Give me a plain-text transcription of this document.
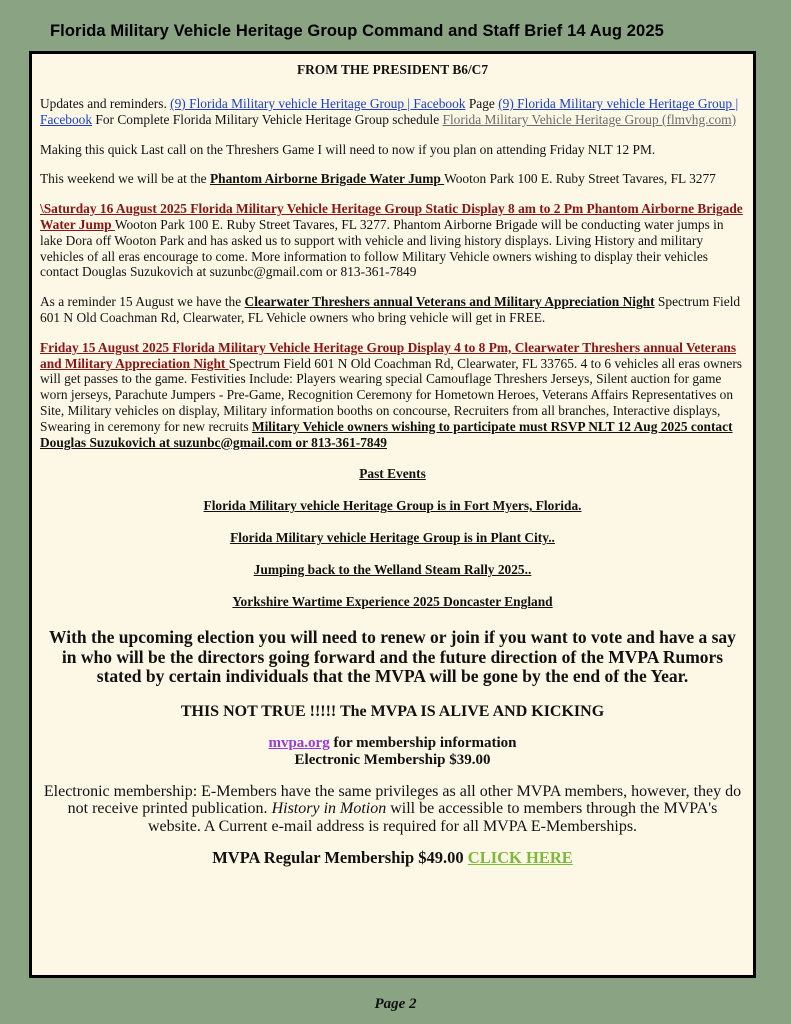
Florida Military Vehicle Heritage Group Command and Staff Brief 14 Aug 2025
FROM THE PRESIDENT B6/C7

Updates and reminders. (9) Florida Military vehicle Heritage Group | Facebook Page (9) Florida Military vehicle Heritage Group | Facebook For Complete Florida Military Vehicle Heritage Group schedule Florida Military Vehicle Heritage Group (flmvhg.com)

Making this quick Last call on the Threshers Game I will need to now if you plan on attending Friday NLT 12 PM.

This weekend we will be at the Phantom Airborne Brigade Water Jump Wooton Park 100 E. Ruby Street Tavares, FL 3277

\Saturday 16 August 2025 Florida Military Vehicle Heritage Group Static Display 8 am to 2 Pm Phantom Airborne Brigade Water Jump Wooton Park 100 E. Ruby Street Tavares, FL 3277. Phantom Airborne Brigade will be conducting water jumps in lake Dora off Wooton Park and has asked us to support with vehicle and living history displays. Living History and military vehicles of all eras encourage to come. More information to follow Military Vehicle owners wishing to display their vehicles contact Douglas Suzukovich at suzunbc@gmail.com or 813-361-7849

As a reminder 15 August we have the Clearwater Threshers annual Veterans and Military Appreciation Night Spectrum Field 601 N Old Coachman Rd, Clearwater, FL Vehicle owners who bring vehicle will get in FREE.

Friday 15 August 2025 Florida Military Vehicle Heritage Group Display 4 to 8 Pm, Clearwater Threshers annual Veterans and Military Appreciation Night Spectrum Field 601 N Old Coachman Rd, Clearwater, FL 33765. 4 to 6 vehicles all eras owners will get passes to the game. Festivities Include: Players wearing special Camouflage Threshers Jerseys, Silent auction for game worn jerseys, Parachute Jumpers - Pre-Game, Recognition Ceremony for Hometown Heroes, Veterans Affairs Representatives on Site, Military vehicles on display, Military information booths on concourse, Recruiters from all branches, Interactive displays, Swearing in ceremony for new recruits Military Vehicle owners wishing to participate must RSVP NLT 12 Aug 2025 contact Douglas Suzukovich at suzunbc@gmail.com or 813-361-7849

Past Events
Florida Military vehicle Heritage Group is in Fort Myers, Florida.
Florida Military vehicle Heritage Group is in Plant City..
Jumping back to the Welland Steam Rally 2025..
Yorkshire Wartime Experience 2025 Doncaster England
With the upcoming election you will need to renew or join if you want to vote and have a say in who will be the directors going forward and the future direction of the MVPA Rumors stated by certain individuals that the MVPA will be gone by the end of the Year.
THIS NOT TRUE !!!!! The MVPA IS ALIVE AND KICKING
mvpa.org for membership information
Electronic Membership $39.00

Electronic membership: E-Members have the same privileges as all other MVPA members, however, they do not receive printed publication. History in Motion will be accessible to members through the MVPA's website. A Current e-mail address is required for all MVPA E-Memberships.

MVPA Regular Membership $49.00 CLICK HERE
Page 2
